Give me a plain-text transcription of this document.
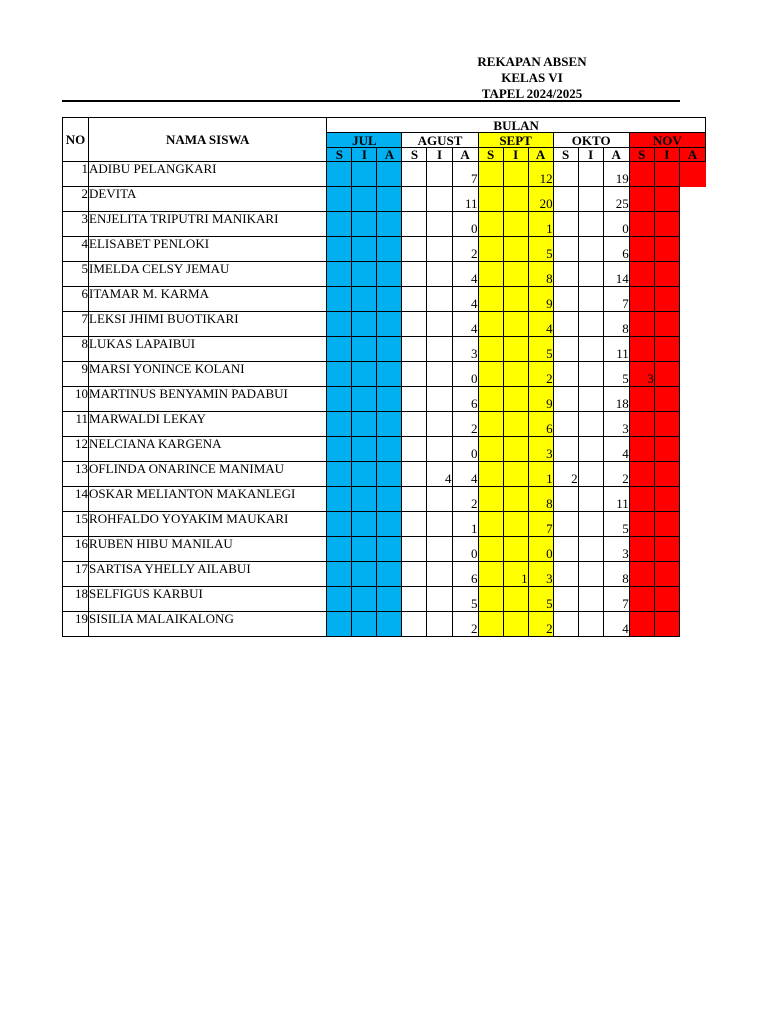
REKAPAN ABSEN
KELAS VI
TAPEL 2024/2025
NO	NAMA SISWA	BULAN														
		JUL			AGUST			SEPT			OKTO			NOV		
		S	I	A	S	I	A	S	I	A	S	I	A	S	I	A
1	ADIBU PELANGKARI						7			12			19			
2	DEVITA						11			20			25			
3	ENJELITA TRIPUTRI MANIKARI						0			1			0			
4	ELISABET PENLOKI						2			5			6			
5	IMELDA CELSY JEMAU						4			8			14			
6	ITAMAR M. KARMA						4			9			7			
7	LEKSI JHIMI BUOTIKARI						4			4			8			
8	LUKAS LAPAIBUI						3			5			11			
9	MARSI YONINCE KOLANI						0			2			5	3		
10	MARTINUS BENYAMIN PADABUI						6			9			18			
11	MARWALDI LEKAY						2			6			3			
12	NELCIANA KARGENA						0			3			4			
13	OFLINDA ONARINCE MANIMAU					4	4			1	2		2			
14	OSKAR MELIANTON MAKANLEGI						2			8			11			
15	ROHFALDO YOYAKIM MAUKARI						1			7			5			
16	RUBEN HIBU MANILAU						0			0			3			
17	SARTISA YHELLY AILABUI						6		1	3			8			
18	SELFIGUS KARBUI						5			5			7			
19	SISILIA MALAIKALONG						2			2			4			
